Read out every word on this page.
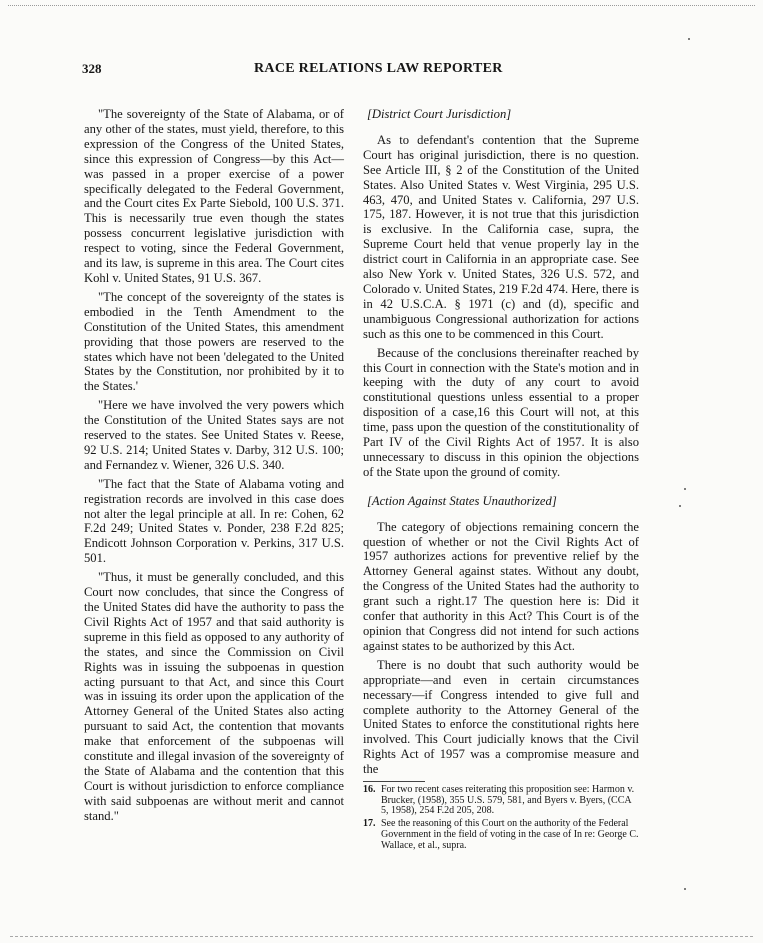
328	RACE RELATIONS LAW REPORTER

"The sovereignty of the State of Alabama, or of any other of the states, must yield, therefore, to this expression of the Congress of the United States, since this expression of Congress—by this Act—was passed in a proper exercise of a power specifically delegated to the Federal Government, and the Court cites Ex Parte Siebold, 100 U.S. 371. This is necessarily true even though the states possess concurrent legislative jurisdiction with respect to voting, since the Federal Government, and its law, is supreme in this area. The Court cites Kohl v. United States, 91 U.S. 367.

"The concept of the sovereignty of the states is embodied in the Tenth Amendment to the Constitution of the United States, this amendment providing that those powers are reserved to the states which have not been 'delegated to the United States by the Constitution, nor prohibited by it to the States.'

"Here we have involved the very powers which the Constitution of the United States says are not reserved to the states. See United States v. Reese, 92 U.S. 214; United States v. Darby, 312 U.S. 100; and Fernandez v. Wiener, 326 U.S. 340.

"The fact that the State of Alabama voting and registration records are involved in this case does not alter the legal principle at all. In re: Cohen, 62 F.2d 249; United States v. Ponder, 238 F.2d 825; Endicott Johnson Corporation v. Perkins, 317 U.S. 501.

"Thus, it must be generally concluded, and this Court now concludes, that since the Congress of the United States did have the authority to pass the Civil Rights Act of 1957 and that said authority is supreme in this field as opposed to any authority of the states, and since the Commission on Civil Rights was in issuing the subpoenas in question acting pursuant to that Act, and since this Court was in issuing its order upon the application of the Attorney General of the United States also acting pursuant to said Act, the contention that movants make that enforcement of the subpoenas will constitute and illegal invasion of the sovereignty of the State of Alabama and the contention that this Court is without jurisdiction to enforce compliance with said subpoenas are without merit and cannot stand."

[District Court Jurisdiction]

As to defendant's contention that the Supreme Court has original jurisdiction, there is no question. See Article III, § 2 of the Constitution of the United States. Also United States v. West Virginia, 295 U.S. 463, 470, and United States v. California, 297 U.S. 175, 187. However, it is not true that this jurisdiction is exclusive. In the California case, supra, the Supreme Court held that venue properly lay in the district court in California in an appropriate case. See also New York v. United States, 326 U.S. 572, and Colorado v. United States, 219 F.2d 474. Here, there is in 42 U.S.C.A. § 1971 (c) and (d), specific and unambiguous Congressional authorization for actions such as this one to be commenced in this Court.

Because of the conclusions thereinafter reached by this Court in connection with the State's motion and in keeping with the duty of any court to avoid constitutional questions unless essential to a proper disposition of a case,16 this Court will not, at this time, pass upon the question of the constitutionality of Part IV of the Civil Rights Act of 1957. It is also unnecessary to discuss in this opinion the objections of the State upon the ground of comity.

[Action Against States Unauthorized]

The category of objections remaining concern the question of whether or not the Civil Rights Act of 1957 authorizes actions for preventive relief by the Attorney General against states. Without any doubt, the Congress of the United States had the authority to grant such a right.17 The question here is: Did it confer that authority in this Act? This Court is of the opinion that Congress did not intend for such actions against states to be authorized by this Act.

There is no doubt that such authority would be appropriate—and even in certain circumstances necessary—if Congress intended to give full and complete authority to the Attorney General of the United States to enforce the constitutional rights here involved. This Court judicially knows that the Civil Rights Act of 1957 was a compromise measure and the

16. For two recent cases reiterating this proposition see: Harmon v. Brucker, (1958), 355 U.S. 579, 581, and Byers v. Byers, (CCA 5, 1958), 254 F.2d 205, 208.
17. See the reasoning of this Court on the authority of the Federal Government in the field of voting in the case of In re: George C. Wallace, et al., supra.
